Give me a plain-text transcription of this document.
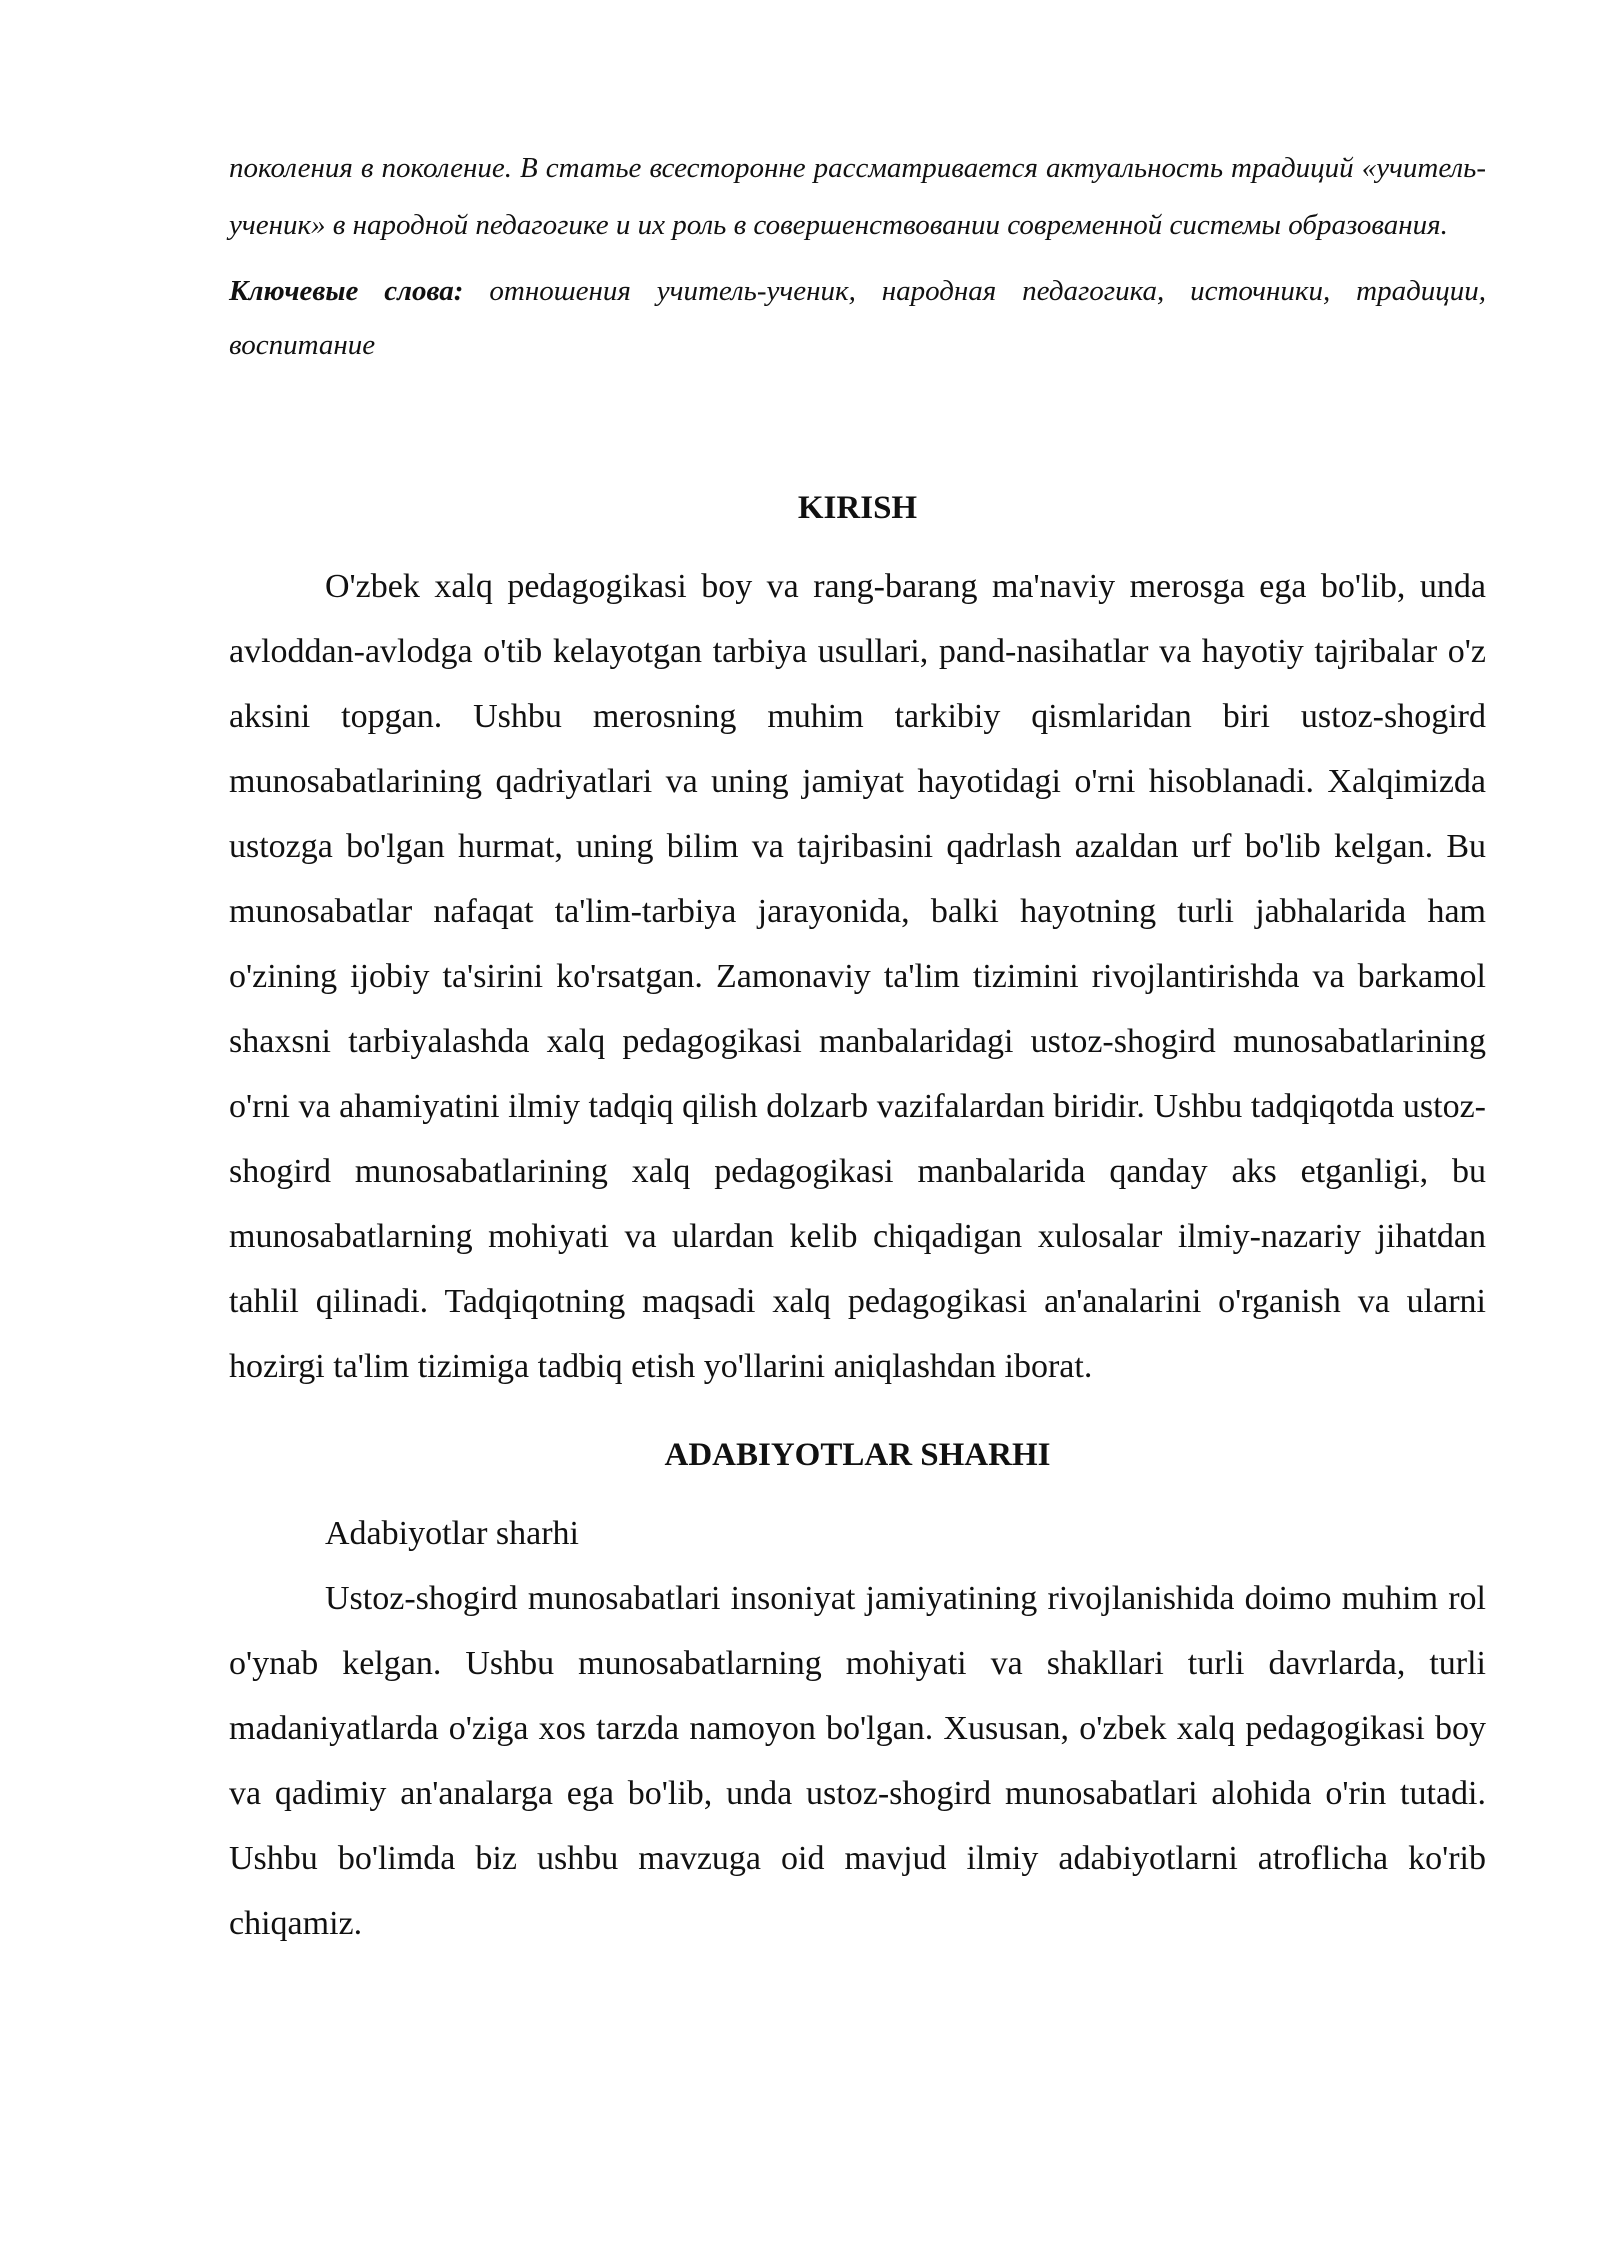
поколения в поколение. В статье всесторонне рассматривается актуальность традиций «учитель-ученик» в народной педагогике и их роль в совершенствовании современной системы образования.

Ключевые слова: отношения учитель-ученик, народная педагогика, источники, традиции, воспитание

KIRISH

O'zbek xalq pedagogikasi boy va rang-barang ma'naviy merosga ega bo'lib, unda avloddan-avlodga o'tib kelayotgan tarbiya usullari, pand-nasihatlar va hayotiy tajribalar o'z aksini topgan. Ushbu merosning muhim tarkibiy qismlaridan biri ustoz-shogird munosabatlarining qadriyatlari va uning jamiyat hayotidagi o'rni hisoblanadi. Xalqimizda ustozga bo'lgan hurmat, uning bilim va tajribasini qadrlash azaldan urf bo'lib kelgan. Bu munosabatlar nafaqat ta'lim-tarbiya jarayonida, balki hayotning turli jabhalarida ham o'zining ijobiy ta'sirini ko'rsatgan. Zamonaviy ta'lim tizimini rivojlantirishda va barkamol shaxsni tarbiyalashda xalq pedagogikasi manbalaridagi ustoz-shogird munosabatlarining o'rni va ahamiyatini ilmiy tadqiq qilish dolzarb vazifalardan biridir. Ushbu tadqiqotda ustoz-shogird munosabatlarining xalq pedagogikasi manbalarida qanday aks etganligi, bu munosabatlarning mohiyati va ulardan kelib chiqadigan xulosalar ilmiy-nazariy jihatdan tahlil qilinadi. Tadqiqotning maqsadi xalq pedagogikasi an'analarini o'rganish va ularni hozirgi ta'lim tizimiga tadbiq etish yo'llarini aniqlashdan iborat.

ADABIYOTLAR SHARHI

Adabiyotlar sharhi

Ustoz-shogird munosabatlari insoniyat jamiyatining rivojlanishida doimo muhim rol o'ynab kelgan. Ushbu munosabatlarning mohiyati va shakllari turli davrlarda, turli madaniyatlarda o'ziga xos tarzda namoyon bo'lgan. Xususan, o'zbek xalq pedagogikasi boy va qadimiy an'analarga ega bo'lib, unda ustoz-shogird munosabatlari alohida o'rin tutadi. Ushbu bo'limda biz ushbu mavzuga oid mavjud ilmiy adabiyotlarni atroflicha ko'rib chiqamiz.
